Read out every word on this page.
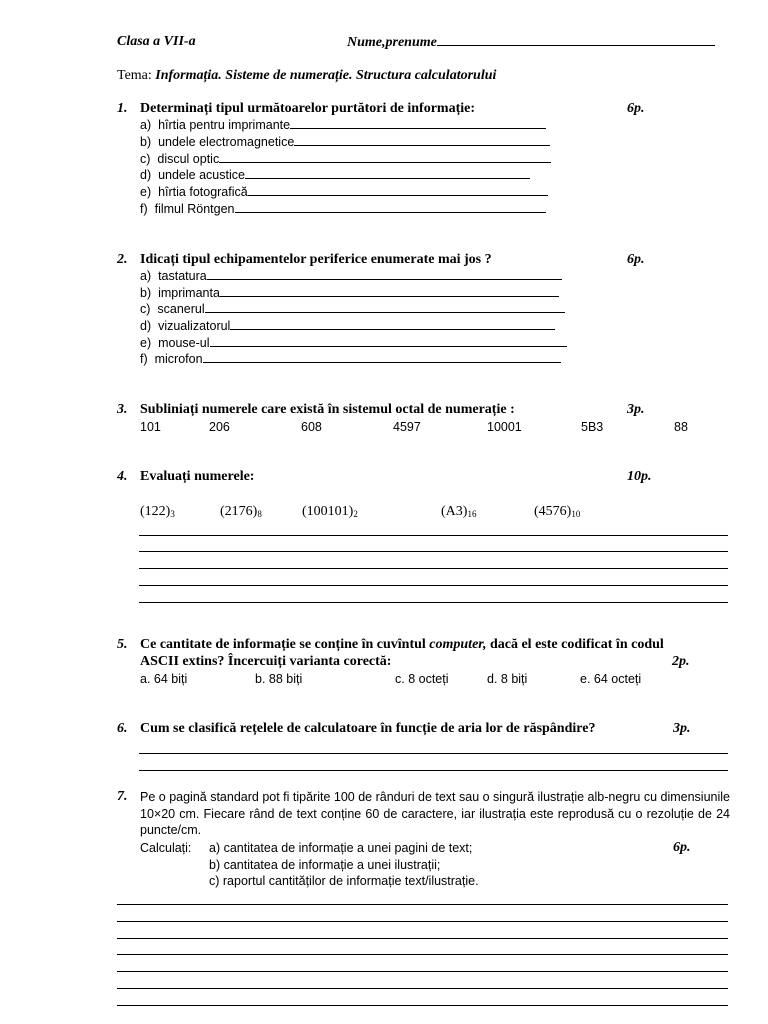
Clasa a VII-a	Nume,prenume
Tema: Informația. Sisteme de numerație. Structura calculatorului
1. Determinați tipul următoarelor purtători de informație:	6p.
a) hîrtia pentru imprimante
b) undele electromagnetice
c) discul optic
d) undele acustice
e) hîrtia fotografică
f) filmul Röntgen
2. Idicați tipul echipamentelor periferice enumerate mai jos ?	6p.
a) tastatura
b) imprimanta
c) scanerul
d) vizualizatorul
e) mouse-ul
f) microfon
3. Subliniați numerele care există în sistemul octal de numerație :	3p.
101	206	608	4597	10001	5B3	88
4. Evaluați numerele:	10p.
$(122)_3$	$(2176)_8$	$(100101)_2$	$(A3)_{16}$	$(4576)_{10}$
5. Ce cantitate de informație se conține în cuvîntul computer, dacă el este codificat în codul
ASCII extins? Încercuiți varianta corectă:	2p.
a. 64 biți	b. 88 biți	c. 8 octeți	d. 8 biți	e. 64 octeți
6. Cum se clasifică rețelele de calculatoare în funcție de aria lor de răspândire?	3p.
7. Pe o pagină standard pot fi tipărite 100 de rânduri de text sau o singură ilustrație alb-negru cu dimensiunile 10×20 cm. Fiecare rând de text conține 60 de caractere, iar ilustrația este reprodusă cu o rezoluție de 24 puncte/cm.
Calculați: a) cantitatea de informație a unei pagini de text;
b) cantitatea de informație a unei ilustrații;
c) raportul cantităților de informație text/ilustrație.
6p.
